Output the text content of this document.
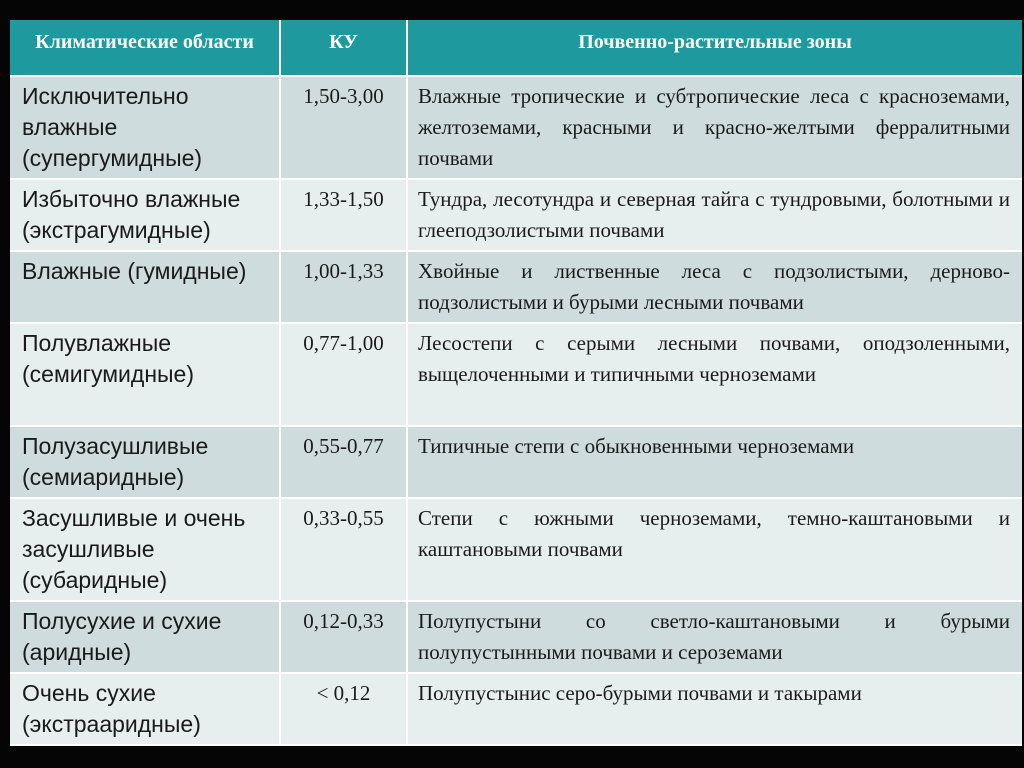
Климатические области	КУ	Почвенно-растительные зоны
Исключительно влажные (супергумидные)	1,50-3,00	Влажные тропические и субтропические леса с красноземами, желтоземами, красными и красно-желтыми ферралитными почвами
Избыточно влажные (экстрагумидные)	1,33-1,50	Тундра, лесотундра и северная тайга с тундровыми, болотными и глееподзолистыми почвами
Влажные (гумидные)	1,00-1,33	Хвойные и лиственные леса с подзолистыми, дерново-подзолистыми и бурыми лесными почвами
Полувлажные (семигумидные)	0,77-1,00	Лесостепи с серыми лесными почвами, оподзоленными, выщелоченными и типичными черноземами
Полузасушливые (семиаридные)	0,55-0,77	Типичные степи с обыкновенными черноземами
Засушливые и очень засушливые (субаридные)	0,33-0,55	Степи с южными черноземами, темно-каштановыми и каштановыми почвами
Полусухие и сухие (аридные)	0,12-0,33	Полупустыни со светло-каштановыми и бурыми полупустынными почвами и сероземами
Очень сухие (экстрааридные)	< 0,12	Полупустынис серо-бурыми почвами и такырами
